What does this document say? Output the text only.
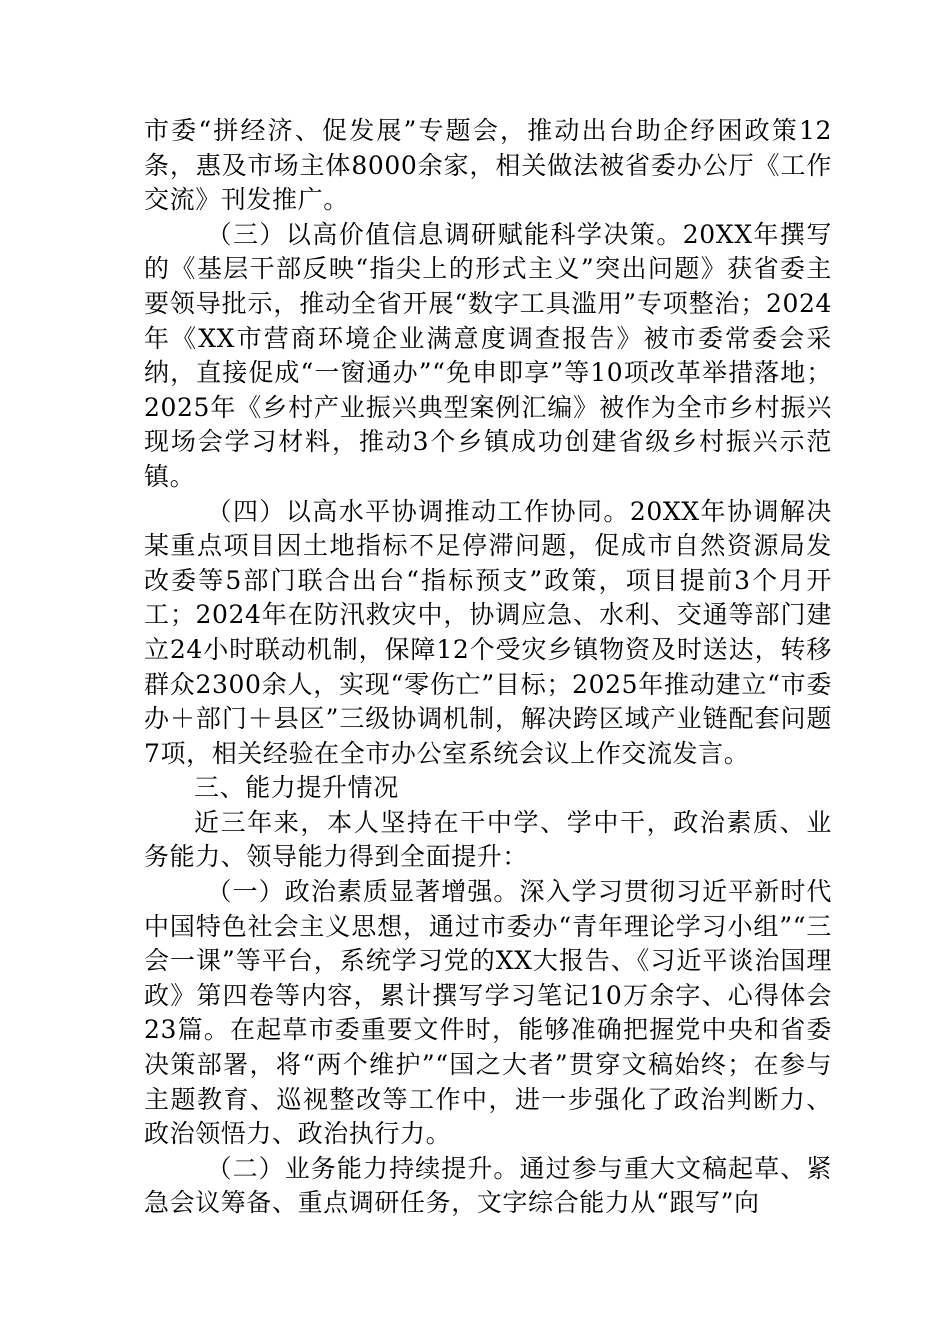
市委“拼经济、促发展”专题会，推动出台助企纾困政策12条，惠及市场主体8000余家，相关做法被省委办公厅《工作交流》刊发推广。

（三）以高价值信息调研赋能科学决策。20XX年撰写的《基层干部反映“指尖上的形式主义”突出问题》获省委主要领导批示，推动全省开展“数字工具滥用”专项整治；2024年《XX市营商环境企业满意度调查报告》被市委常委会采纳，直接促成“一窗通办”“免申即享”等10项改革举措落地；2025年《乡村产业振兴典型案例汇编》被作为全市乡村振兴现场会学习材料，推动3个乡镇成功创建省级乡村振兴示范镇。

（四）以高水平协调推动工作协同。20XX年协调解决某重点项目因土地指标不足停滞问题，促成市自然资源局发改委等5部门联合出台“指标预支”政策，项目提前3个月开工；2024年在防汛救灾中，协调应急、水利、交通等部门建立24小时联动机制，保障12个受灾乡镇物资及时送达，转移群众2300余人，实现“零伤亡”目标；2025年推动建立“市委办＋部门＋县区”三级协调机制，解决跨区域产业链配套问题7项，相关经验在全市办公室系统会议上作交流发言。

三、能力提升情况

近三年来，本人坚持在干中学、学中干，政治素质、业务能力、领导能力得到全面提升：

（一）政治素质显著增强。深入学习贯彻习近平新时代中国特色社会主义思想，通过市委办“青年理论学习小组”“三会一课”等平台，系统学习党的XX大报告、《习近平谈治国理政》第四卷等内容，累计撰写学习笔记10万余字、心得体会23篇。在起草市委重要文件时，能够准确把握党中央和省委决策部署，将“两个维护”“国之大者”贯穿文稿始终；在参与主题教育、巡视整改等工作中，进一步强化了政治判断力、政治领悟力、政治执行力。

（二）业务能力持续提升。通过参与重大文稿起草、紧急会议筹备、重点调研任务，文字综合能力从“跟写”向
